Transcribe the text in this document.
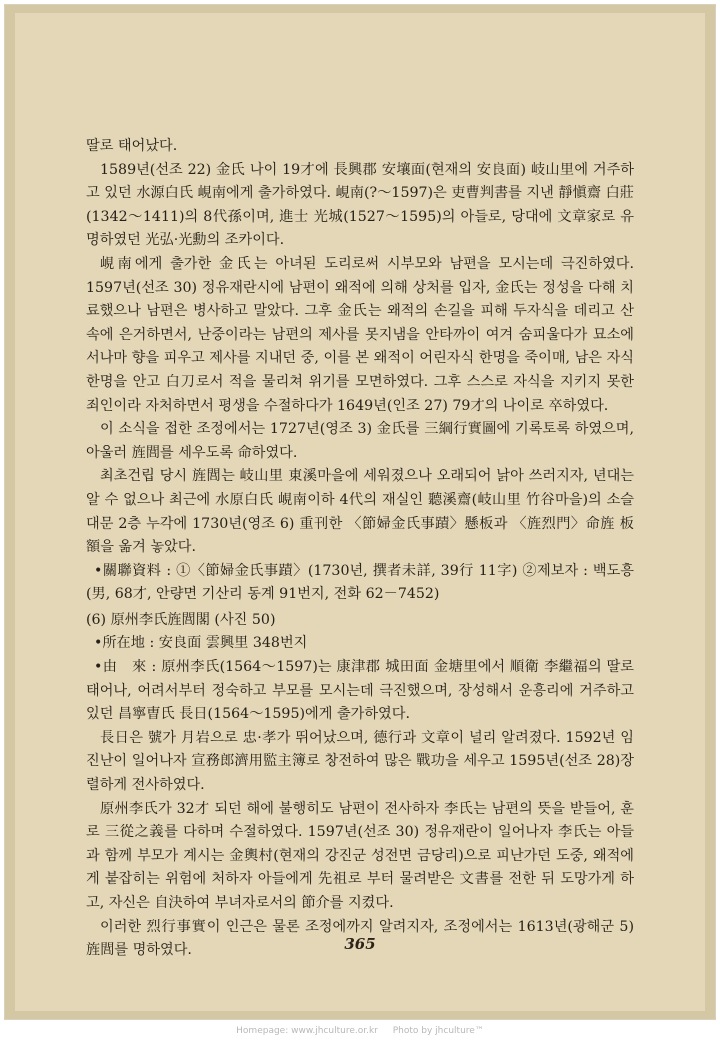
딸로 태어났다.

1589년(선조 22) 金氏 나이 19才에 長興郡 安壤面(현재의 安良面) 岐山里에 거주하고 있던 水源白氏 峴南에게 출가하였다. 峴南(?～1597)은 吏曹判書를 지낸 靜愼齋 白莊(1342～1411)의 8代孫이며, 進士 光城(1527～1595)의 아들로, 당대에 文章家로 유명하였던 光弘·光勳의 조카이다.

峴南에게 출가한 金氏는 아녀된 도리로써 시부모와 남편을 모시는데 극진하였다. 1597년(선조 30) 정유재란시에 남편이 왜적에 의해 상처를 입자, 金氏는 정성을 다해 치료했으나 남편은 병사하고 말았다. 그후 金氏는 왜적의 손길을 피해 두자식을 데리고 산속에 은거하면서, 난중이라는 남편의 제사를 못지냄을 안타까이 여겨 숨피울다가 묘소에서나마 향을 피우고 제사를 지내던 중, 이를 본 왜적이 어린자식 한명을 죽이매, 남은 자식 한명을 안고 白刀로서 적을 물리쳐 위기를 모면하였다. 그후 스스로 자식을 지키지 못한 죄인이라 자처하면서 평생을 수절하다가 1649년(인조 27) 79才의 나이로 卒하였다.

이 소식을 접한 조정에서는 1727년(영조 3) 金氏를 三綱行實圖에 기록토록 하였으며, 아울러 旌閭를 세우도록 命하였다.

최초건립 당시 旌閭는 岐山里 東溪마을에 세워졌으나 오래되어 낡아 쓰러지자, 년대는 알 수 없으나 최근에 水原白氏 峴南이하 4代의 재실인 聽溪齋(岐山里 竹谷마을)의 소슬대문 2층 누각에 1730년(영조 6) 重刊한 〈節婦金氏事蹟〉懸板과 〈旌烈門〉命旌 板額을 옮겨 놓았다.

•關聯資料 : ①〈節婦金氏事蹟〉(1730년, 撰者未詳, 39行 11字) ②제보자 : 백도흥(男, 68才, 안량면 기산리 동계 91번지, 전화 62－7452)

(6) 原州李氏旌閭閣 (사진 50)

•所在地 : 安良面 雲興里 348번지

•由　來 : 原州李氏(1564～1597)는 康津郡 城田面 金塘里에서 順衛 李繼福의 딸로 태어나, 어려서부터 정숙하고 부모를 모시는데 극진했으며, 장성해서 운흥리에 거주하고 있던 昌寧曺氏 長日(1564～1595)에게 출가하였다.

長日은 號가 月岩으로 忠·孝가 뛰어났으며, 德行과 文章이 널리 알려졌다. 1592년 임진난이 일어나자 宣務郎濟用監主簿로 창전하여 많은 戰功을 세우고 1595년(선조 28)장렬하게 전사하였다.

原州李氏가 32才 되던 해에 불행히도 남편이 전사하자 李氏는 남편의 뜻을 받들어, 훈로 三從之義를 다하며 수절하였다. 1597년(선조 30) 정유재란이 일어나자 李氏는 아들과 함께 부모가 계시는 金輿村(현재의 강진군 성전면 금당리)으로 피난가던 도중, 왜적에게 붙잡히는 위험에 처하자 아들에게 先祖로 부터 물려받은 文書를 전한 뒤 도망가게 하고, 자신은 自決하여 부녀자로서의 節介를 지켰다.

이러한 烈行事實이 인근은 물론 조정에까지 알려지자, 조정에서는 1613년(광해군 5) 旌閭를 명하였다.	365
Homepage: www.jhculture.or.kr Photo by jhculture™
